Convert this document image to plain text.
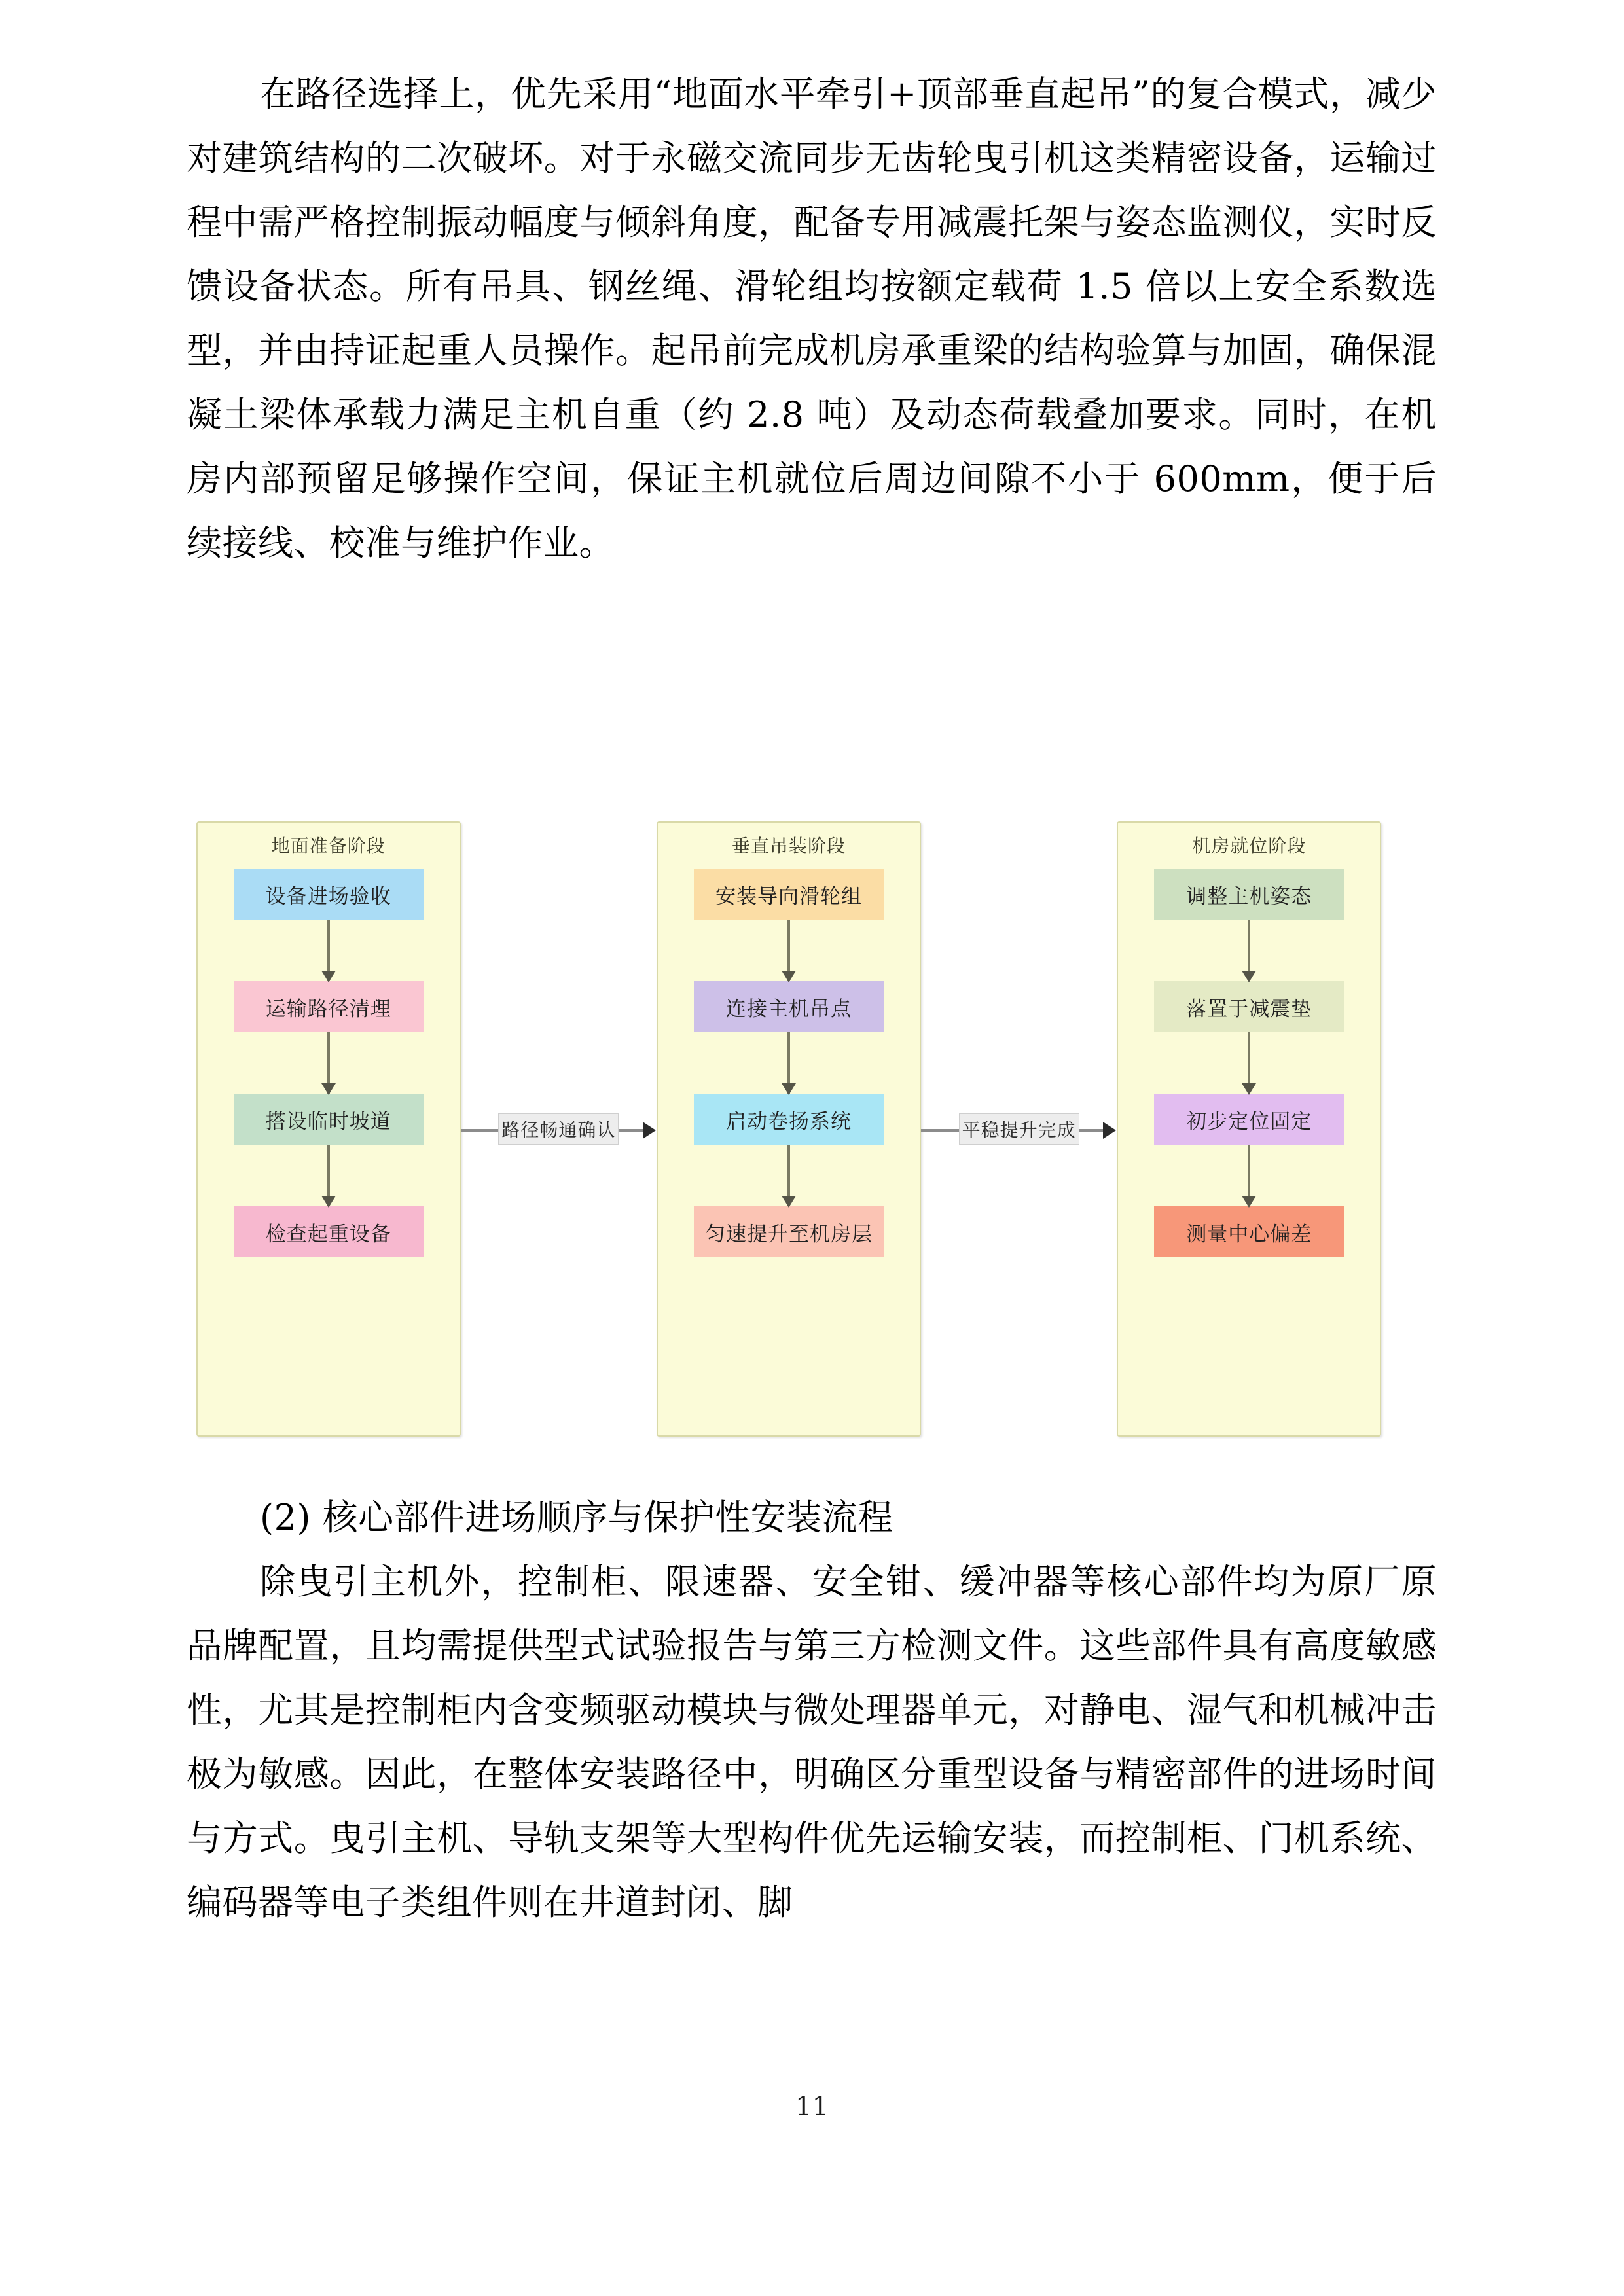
在路径选择上，优先采用“地面水平牵引+顶部垂直起吊”的复合模式，减少对建筑结构的二次破坏。对于永磁交流同步无齿轮曳引机这类精密设备，运输过程中需严格控制振动幅度与倾斜角度，配备专用减震托架与姿态监测仪，实时反馈设备状态。所有吊具、钢丝绳、滑轮组均按额定载荷 1.5 倍以上安全系数选型，并由持证起重人员操作。起吊前完成机房承重梁的结构验算与加固，确保混凝土梁体承载力满足主机自重（约 2.8 吨）及动态荷载叠加要求。同时，在机房内部预留足够操作空间，保证主机就位后周边间隙不小于 600mm，便于后续接线、校准与维护作业。

地面准备阶段
设备进场验收
运输路径清理
搭设临时坡道
检查起重设备
路径畅通确认
垂直吊装阶段
安装导向滑轮组
连接主机吊点
启动卷扬系统
匀速提升至机房层
平稳提升完成
机房就位阶段
调整主机姿态
落置于减震垫
初步定位固定
测量中心偏差

(2) 核心部件进场顺序与保护性安装流程

除曳引主机外，控制柜、限速器、安全钳、缓冲器等核心部件均为原厂原品牌配置，且均需提供型式试验报告与第三方检测文件。这些部件具有高度敏感性，尤其是控制柜内含变频驱动模块与微处理器单元，对静电、湿气和机械冲击极为敏感。因此，在整体安装路径中，明确区分重型设备与精密部件的进场时间与方式。曳引主机、导轨支架等大型构件优先运输安装，而控制柜、门机系统、编码器等电子类组件则在井道封闭、脚

11
